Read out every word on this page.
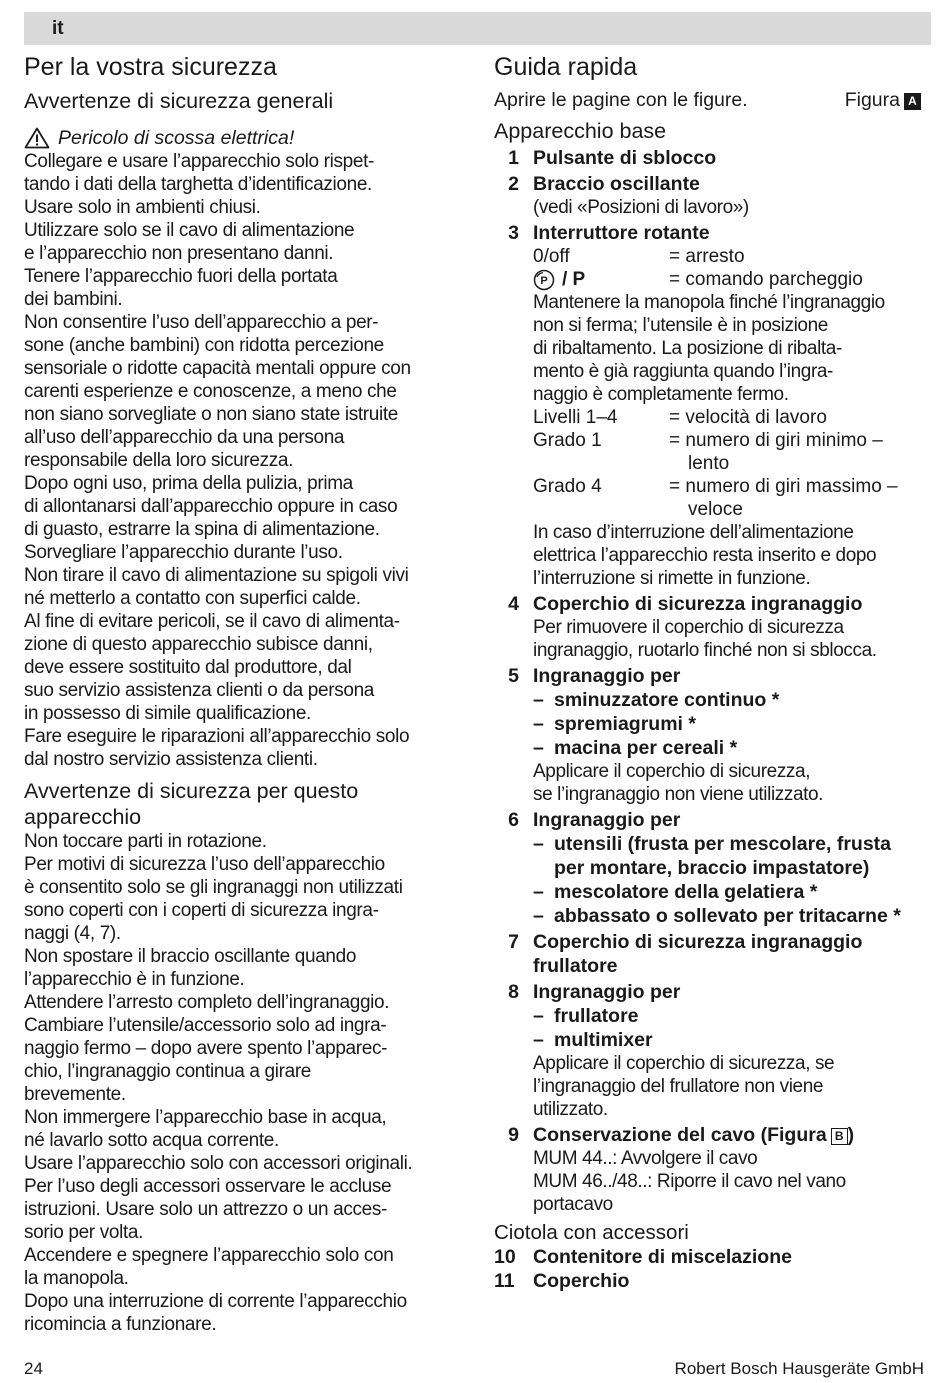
it
Per la vostra sicurezza
Avvertenze di sicurezza generali
Pericolo di scossa elettrica!
Collegare e usare l’apparecchio solo rispet-
tando i dati della targhetta d’identificazione.
Usare solo in ambienti chiusi.
Utilizzare solo se il cavo di alimentazione
e l’apparecchio non presentano danni.
Tenere l’apparecchio fuori della portata
dei bambini.
Non consentire l’uso dell’apparecchio a per-
sone (anche bambini) con ridotta percezione
sensoriale o ridotte capacità mentali oppure con
carenti esperienze e conoscenze, a meno che
non siano sorvegliate o non siano state istruite
all’uso dell’apparecchio da una persona
responsabile della loro sicurezza.
Dopo ogni uso, prima della pulizia, prima
di allontanarsi dall’apparecchio oppure in caso
di guasto, estrarre la spina di alimentazione.
Sorvegliare l’apparecchio durante l’uso.
Non tirare il cavo di alimentazione su spigoli vivi
né metterlo a contatto con superfici calde.
Al fine di evitare pericoli, se il cavo di alimenta-
zione di questo apparecchio subisce danni,
deve essere sostituito dal produttore, dal
suo servizio assistenza clienti o da persona
in possesso di simile qualificazione.
Fare eseguire le riparazioni all’apparecchio solo
dal nostro servizio assistenza clienti.
Avvertenze di sicurezza per questo
apparecchio
Non toccare parti in rotazione.
Per motivi di sicurezza l’uso dell’apparecchio
è consentito solo se gli ingranaggi non utilizzati
sono coperti con i coperti di sicurezza ingra-
naggi (4, 7).
Non spostare il braccio oscillante quando
l’apparecchio è in funzione.
Attendere l’arresto completo dell’ingranaggio.
Cambiare l’utensile/accessorio solo ad ingra-
naggio fermo – dopo avere spento l’apparec-
chio, l’ingranaggio continua a girare
brevemente.
Non immergere l’apparecchio base in acqua,
né lavarlo sotto acqua corrente.
Usare l’apparecchio solo con accessori originali.
Per l’uso degli accessori osservare le accluse
istruzioni. Usare solo un attrezzo o un acces-
sorio per volta.
Accendere e spegnere l’apparecchio solo con
la manopola.
Dopo una interruzione di corrente l’apparecchio
ricomincia a funzionare.
Guida rapida
Aprire le pagine con le figure.	Figura A
Apparecchio base
1 Pulsante di sblocco
2 Braccio oscillante
(vedi «Posizioni di lavoro»)
3 Interruttore rotante
0/off	= arresto
P / P	= comando parcheggio
Mantenere la manopola finché l’ingranaggio
non si ferma; l’utensile è in posizione
di ribaltamento. La posizione di ribalta-
mento è già raggiunta quando l’ingra-
naggio è completamente fermo.
Livelli 1–4	= velocità di lavoro
Grado 1	= numero di giri minimo –
lento
Grado 4	= numero di giri massimo –
veloce
In caso d’interruzione dell’alimentazione
elettrica l’apparecchio resta inserito e dopo
l’interruzione si rimette in funzione.
4 Coperchio di sicurezza ingranaggio
Per rimuovere il coperchio di sicurezza
ingranaggio, ruotarlo finché non si sblocca.
5 Ingranaggio per
– sminuzzatore continuo *
– spremiagrumi *
– macina per cereali *
Applicare il coperchio di sicurezza,
se l’ingranaggio non viene utilizzato.
6 Ingranaggio per
– utensili (frusta per mescolare, frusta
per montare, braccio impastatore)
– mescolatore della gelatiera *
– abbassato o sollevato per tritacarne *
7 Coperchio di sicurezza ingranaggio
frullatore
8 Ingranaggio per
– frullatore
– multimixer
Applicare il coperchio di sicurezza, se
l’ingranaggio del frullatore non viene
utilizzato.
9 Conservazione del cavo (Figura B )
MUM 44..: Avvolgere il cavo
MUM 46../48..: Riporre il cavo nel vano
portacavo
Ciotola con accessori
10 Contenitore di miscelazione
11 Coperchio
24	Robert Bosch Hausgeräte GmbH
